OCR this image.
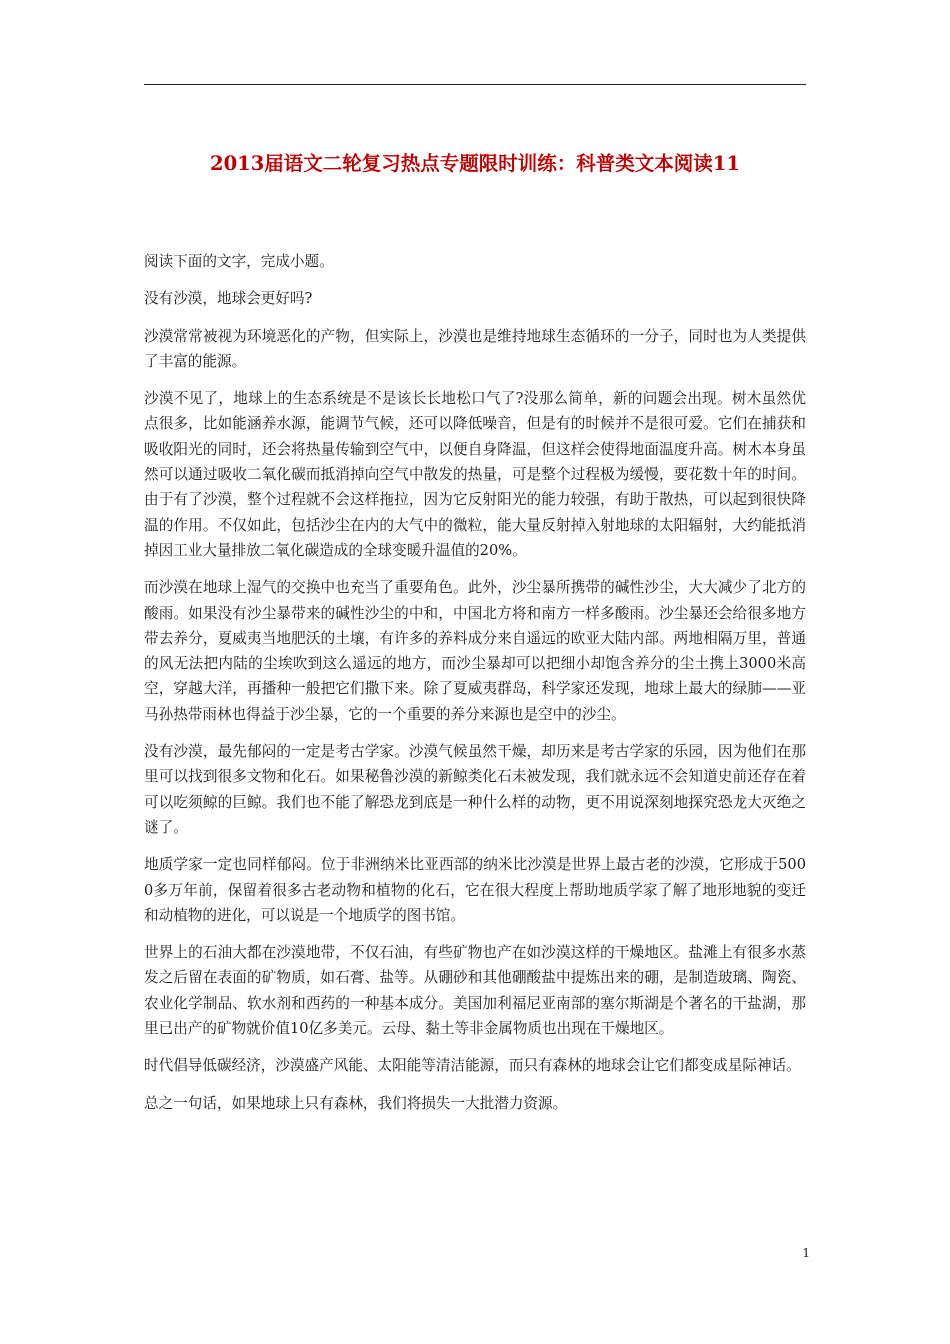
2013届语文二轮复习热点专题限时训练：科普类文本阅读11

阅读下面的文字，完成小题。

没有沙漠，地球会更好吗?

沙漠常常被视为环境恶化的产物，但实际上，沙漠也是维持地球生态循环的一分子，同时也为人类提供了丰富的能源。

沙漠不见了，地球上的生态系统是不是该长长地松口气了?没那么简单，新的问题会出现。树木虽然优点很多，比如能涵养水源，能调节气候，还可以降低噪音，但是有的时候并不是很可爱。它们在捕获和吸收阳光的同时，还会将热量传输到空气中，以便自身降温，但这样会使得地面温度升高。树木本身虽然可以通过吸收二氧化碳而抵消掉向空气中散发的热量，可是整个过程极为缓慢，要花数十年的时间。由于有了沙漠，整个过程就不会这样拖拉，因为它反射阳光的能力较强，有助于散热，可以起到很快降温的作用。不仅如此，包括沙尘在内的大气中的微粒，能大量反射掉入射地球的太阳辐射，大约能抵消掉因工业大量排放二氧化碳造成的全球变暖升温值的20%。

而沙漠在地球上湿气的交换中也充当了重要角色。此外，沙尘暴所携带的碱性沙尘，大大减少了北方的酸雨。如果没有沙尘暴带来的碱性沙尘的中和，中国北方将和南方一样多酸雨。沙尘暴还会给很多地方带去养分，夏威夷当地肥沃的土壤，有许多的养料成分来自遥远的欧亚大陆内部。两地相隔万里，普通的风无法把内陆的尘埃吹到这么遥远的地方，而沙尘暴却可以把细小却饱含养分的尘土携上3000米高空，穿越大洋，再播种一般把它们撒下来。除了夏威夷群岛，科学家还发现，地球上最大的绿肺——亚马孙热带雨林也得益于沙尘暴，它的一个重要的养分来源也是空中的沙尘。

没有沙漠，最先郁闷的一定是考古学家。沙漠气候虽然干燥，却历来是考古学家的乐园，因为他们在那里可以找到很多文物和化石。如果秘鲁沙漠的新鲸类化石未被发现，我们就永远不会知道史前还存在着可以吃须鲸的巨鲸。我们也不能了解恐龙到底是一种什么样的动物，更不用说深刻地探究恐龙大灭绝之谜了。

地质学家一定也同样郁闷。位于非洲纳米比亚西部的纳米比沙漠是世界上最古老的沙漠，它形成于5000多万年前，保留着很多古老动物和植物的化石，它在很大程度上帮助地质学家了解了地形地貌的变迁和动植物的进化，可以说是一个地质学的图书馆。

世界上的石油大都在沙漠地带，不仅石油，有些矿物也产在如沙漠这样的干燥地区。盐滩上有很多水蒸发之后留在表面的矿物质，如石膏、盐等。从硼砂和其他硼酸盐中提炼出来的硼，是制造玻璃、陶瓷、农业化学制品、软水剂和西药的一种基本成分。美国加利福尼亚南部的塞尔斯湖是个著名的干盐湖，那里已出产的矿物就价值10亿多美元。云母、黏土等非金属物质也出现在干燥地区。

时代倡导低碳经济，沙漠盛产风能、太阳能等清洁能源，而只有森林的地球会让它们都变成星际神话。

总之一句话，如果地球上只有森林，我们将损失一大批潜力资源。

1
